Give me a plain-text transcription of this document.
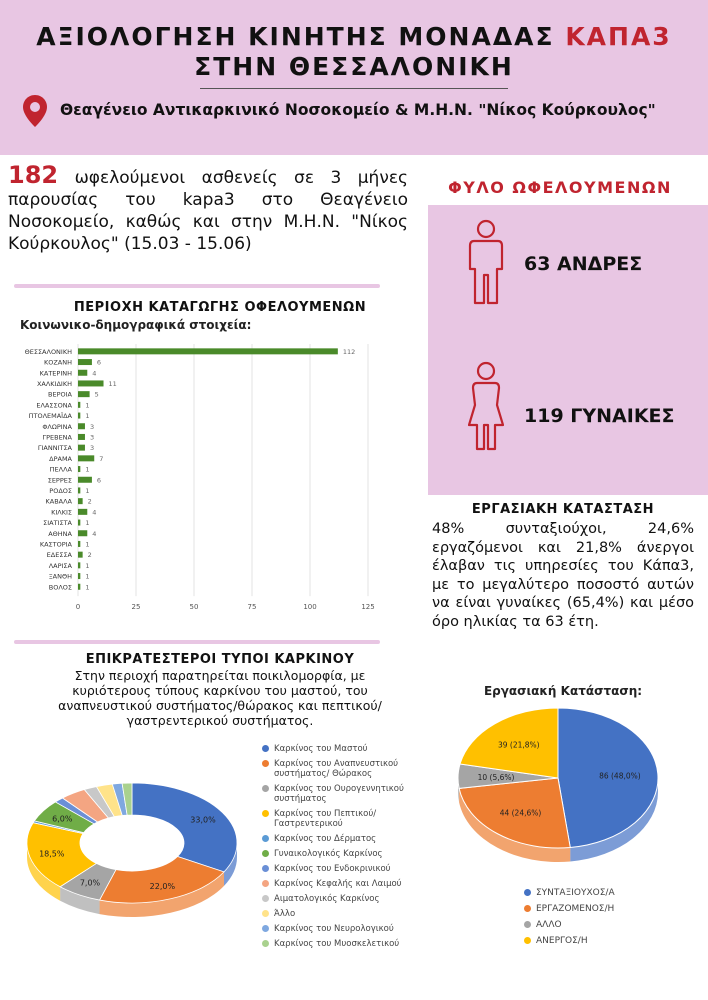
ΑΞΙΟΛΟΓΗΣΗ ΚΙΝΗΤΗΣ ΜΟΝΑΔΑΣ ΚΑΠΑ3
ΣΤΗΝ ΘΕΣΣΑΛΟΝΙΚΗ
Θεαγένειο Αντικαρκινικό Νοσοκομείο & Μ.Η.Ν. "Νίκος Κούρκουλος"
182 ωφελούμενοι ασθενείς σε 3 μήνες παρουσίας του kapa3 στο Θεαγένειο Νοσοκομείο, καθώς και στην Μ.Η.Ν. "Νίκος Κούρκουλος" (15.03 - 15.06)
ΦΥΛΟ ΩΦΕΛΟΥΜΕΝΩΝ
63 ΑΝΔΡΕΣ
119 ΓΥΝΑΙΚΕΣ
ΠΕΡΙΟΧΗ ΚΑΤΑΓΩΓΗΣ ΟΦΕΛΟΥΜΕΝΩΝ
Κοινωνικο-δημογραφικά στοιχεία:
0	25	50	75	100	125
ΘΕΣΣΑΛΟΝΙΚΗ	112
ΚΟΖΑΝΗ	6
ΚΑΤΕΡΙΝΗ	4
ΧΑΛΚΙΔΙΚΗ	11
ΒΕΡΟΙΑ	5
ΕΛΑΣΣΟΝΑ 1
ΠΤΟΛΕΜΑΪΔΑ 1
ΦΛΩΡΙΝΑ	3
ΓΡΕΒΕΝΑ	3
ΓΙΑΝΝΙΤΣΑ	3
ΔΡΑΜΑ	7
ΠΕΛΛΑ 1
ΣΕΡΡΕΣ	6
ΡΟΔΟΣ 1
ΚΑΒΑΛΑ 2
ΚΙΛΚΙΣ	4
ΣΙΑΤΙΣΤΑ 1
ΑΘΗΝΑ	4
ΚΑΣΤΟΡΙΑ 1
ΕΔΕΣΣΑ 2
ΛΑΡΙΣΑ 1
ΞΑΝΘΗ 1
ΒΟΛΟΣ 1
ΕΠΙΚΡΑΤΕΣΤΕΡΟΙ ΤΥΠΟΙ ΚΑΡΚΙΝΟΥ
Στην περιοχή παρατηρείται ποικιλομορφία, με κυριότερους τύπους καρκίνου του μαστού, του αναπνευστικού συστήματος/θώρακος και πεπτικού/ γαστρεντερικού συστήματος.
33,0%
22,0%
7,0%
18,5%
6,0%
Καρκίνος του Μαστού
Καρκίνος του Αναπνευστικού συστήματος/ Θώρακος
Καρκίνος του Ουρογεννητικού συστήματος
Καρκίνος του Πεπτικού/Γαστρεντερικού
Καρκίνος του Δέρματος
Γυναικολογικός Καρκίνος
Καρκίνος του Ενδοκρινικού
Καρκίνος Κεφαλής και Λαιμού
Αιματολογικός Καρκίνος
Άλλο
Καρκίνος του Νευρολογικού
Καρκίνος του Μυοσκελετικού
ΕΡΓΑΣΙΑΚΗ ΚΑΤΑΣΤΑΣΗ
48% συνταξιούχοι, 24,6% εργαζόμενοι και 21,8% άνεργοι έλαβαν τις υπηρεσίες του Κάπα3, με το μεγαλύτερο ποσοστό αυτών να είναι γυναίκες (65,4%) και μέσο όρο ηλικίας τα 63 έτη.
Εργασιακή Κατάσταση:
86 (48,0%)
44 (24,6%)
10 (5,6%)
39 (21,8%)
ΣΥΝΤΑΞΙΟΥΧΟΣ/Α
ΕΡΓΑΖΟΜΕΝΟΣ/Η
ΑΛΛΟ
ΑΝΕΡΓΟΣ/Η
